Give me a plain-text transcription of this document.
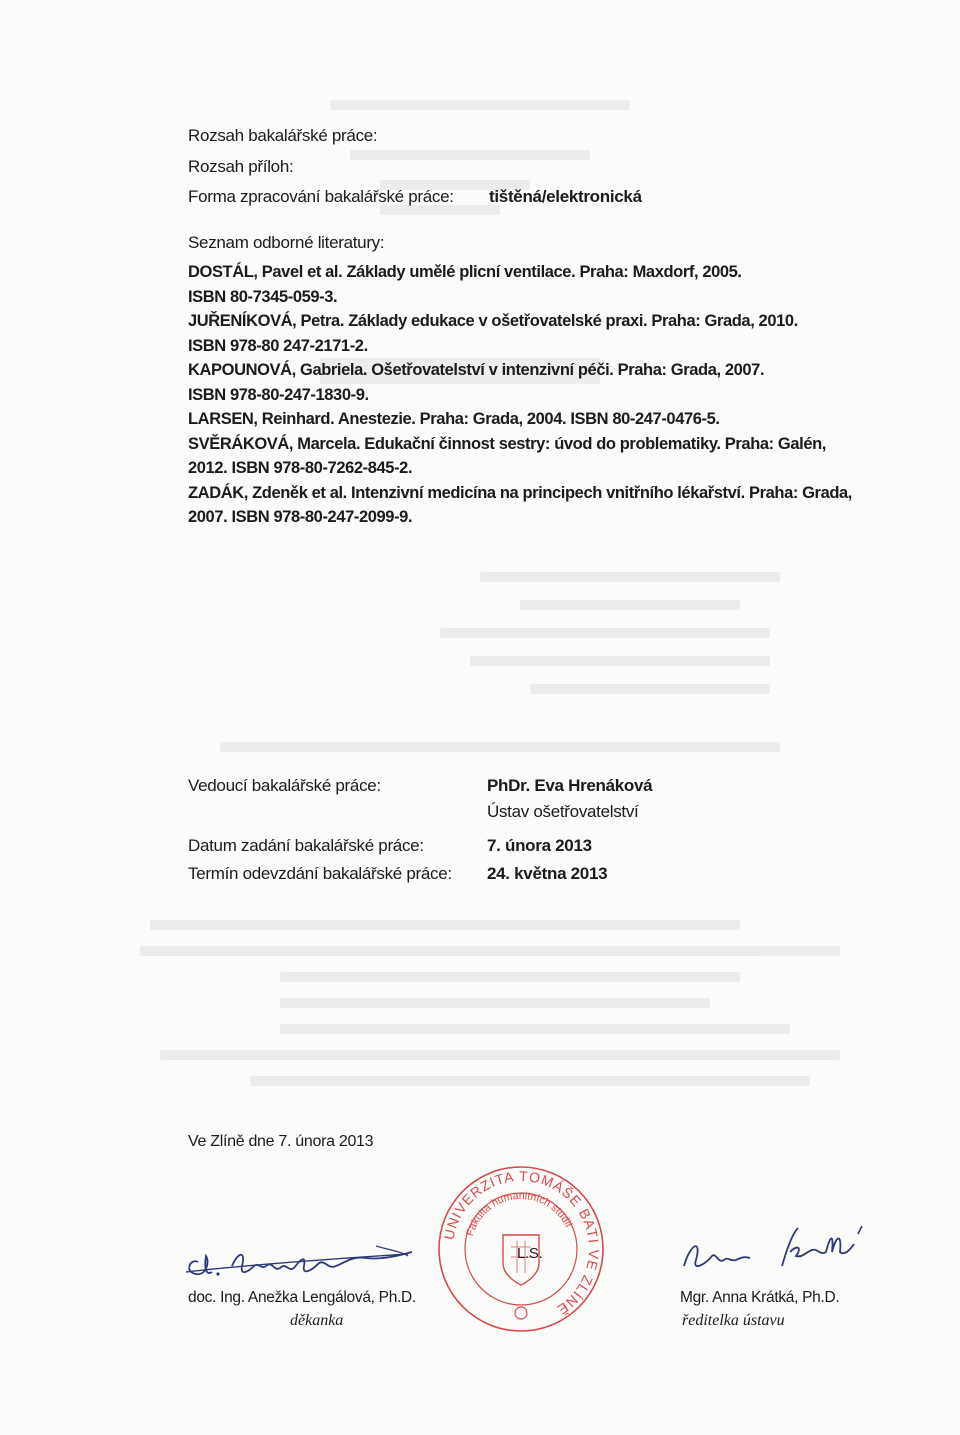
Rozsah bakalářské práce:
Rozsah příloh:
Forma zpracování bakalářské práce: tištěná/elektronická
Seznam odborné literatury:
DOSTÁL, Pavel et al. Základy umělé plicní ventilace. Praha: Maxdorf, 2005.
ISBN 80-7345-059-3.
JUŘENÍKOVÁ, Petra. Základy edukace v ošetřovatelské praxi. Praha: Grada, 2010.
ISBN 978-80 247-2171-2.
KAPOUNOVÁ, Gabriela. Ošetřovatelství v intenzivní péči. Praha: Grada, 2007.
ISBN 978-80-247-1830-9.
LARSEN, Reinhard. Anestezie. Praha: Grada, 2004. ISBN 80-247-0476-5.
SVĚRÁKOVÁ, Marcela. Edukační činnost sestry: úvod do problematiky. Praha: Galén,
2012. ISBN 978-80-7262-845-2.
ZADÁK, Zdeněk et al. Intenzivní medicína na principech vnitřního lékařství. Praha: Grada,
2007. ISBN 978-80-247-2099-9.
Vedoucí bakalářské práce:	PhDr. Eva Hrenáková
Ústav ošetřovatelství
Datum zadání bakalářské práce:	7. února 2013
Termín odevzdání bakalářské práce: 24. května 2013
Ve Zlíně dne 7. února 2013
doc. Ing. Anežka Lengálová, Ph.D.
děkanka
UNIVERZITA TOMÁŠE BATI VE ZLÍNĚ
Fakulta humanitních studií
L.S.
Mgr. Anna Krátká, Ph.D.
ředitelka ústavu
